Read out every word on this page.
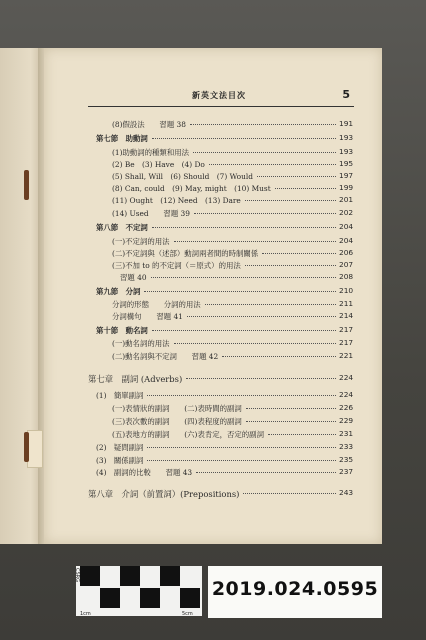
新英文法目次	5
(8)假設法　　習題 38	191
第七節　助動詞	193
(1)助動詞的種類和用法	193
(2) Be　(3) Have　(4) Do	195
(5) Shall, Will　(6) Should　(7) Would	197
(8) Can, could　(9) May, might　(10) Must	199
(11) Ought　(12) Need　(13) Dare	201
(14) Used　　習題 39	202
第八節　不定詞	204
(一)不定詞的用法	204
(二)不定詞與（述部）動詞兩者間的時制關係	206
(三)不加 to 的不定詞（＝原式）的用法	207
習題 40	208
第九節　分詞	210
分詞的形態　　分詞的用法	211
分詞構句　　習題 41	214
第十節　動名詞	217
(一)動名詞的用法	217
(二)動名詞與不定詞　　習題 42	221
第七章　副詞 (Adverbs)	224
(1)　簡單副詞	224
(一)表情狀的副詞　　(二)表時間的副詞	226
(三)表次數的副詞　　(四)表程度的副詞	229
(五)表地方的副詞　　(六)表肯定，否定的副詞	231
(2)　疑問副詞	233
(3)　關係副詞	235
(4)　副詞的比較　　習題 43	237
第八章　介詞（前置詞）(Prepositions)	243
1cm	5cm
CSRG
2019.024.0595
